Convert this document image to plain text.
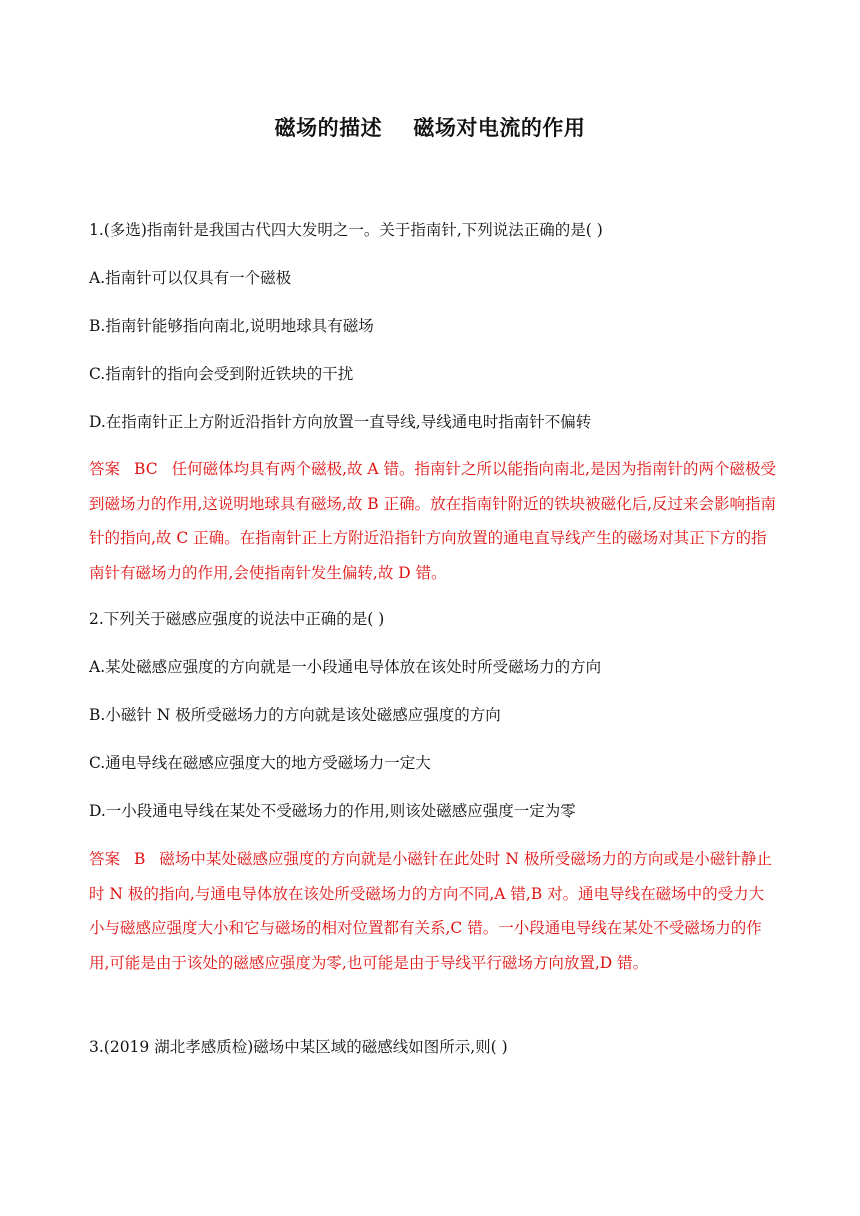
磁场的描述    磁场对电流的作用
1.(多选)指南针是我国古代四大发明之一。关于指南针,下列说法正确的是( )
A.指南针可以仅具有一个磁极
B.指南针能够指向南北,说明地球具有磁场
C.指南针的指向会受到附近铁块的干扰
D.在指南针正上方附近沿指针方向放置一直导线,导线通电时指南针不偏转
答案 BC 任何磁体均具有两个磁极,故 A 错。指南针之所以能指向南北,是因为指南针的两个磁极受到磁场力的作用,这说明地球具有磁场,故 B 正确。放在指南针附近的铁块被磁化后,反过来会影响指南针的指向,故 C 正确。在指南针正上方附近沿指针方向放置的通电直导线产生的磁场对其正下方的指南针有磁场力的作用,会使指南针发生偏转,故 D 错。
2.下列关于磁感应强度的说法中正确的是( )
A.某处磁感应强度的方向就是一小段通电导体放在该处时所受磁场力的方向
B.小磁针 N 极所受磁场力的方向就是该处磁感应强度的方向
C.通电导线在磁感应强度大的地方受磁场力一定大
D.一小段通电导线在某处不受磁场力的作用,则该处磁感应强度一定为零
答案 B 磁场中某处磁感应强度的方向就是小磁针在此处时 N 极所受磁场力的方向或是小磁针静止时 N 极的指向,与通电导体放在该处所受磁场力的方向不同,A 错,B 对。通电导线在磁场中的受力大小与磁感应强度大小和它与磁场的相对位置都有关系,C 错。一小段通电导线在某处不受磁场力的作用,可能是由于该处的磁感应强度为零,也可能是由于导线平行磁场方向放置,D 错。
3.(2019 湖北孝感质检)磁场中某区域的磁感线如图所示,则( )
